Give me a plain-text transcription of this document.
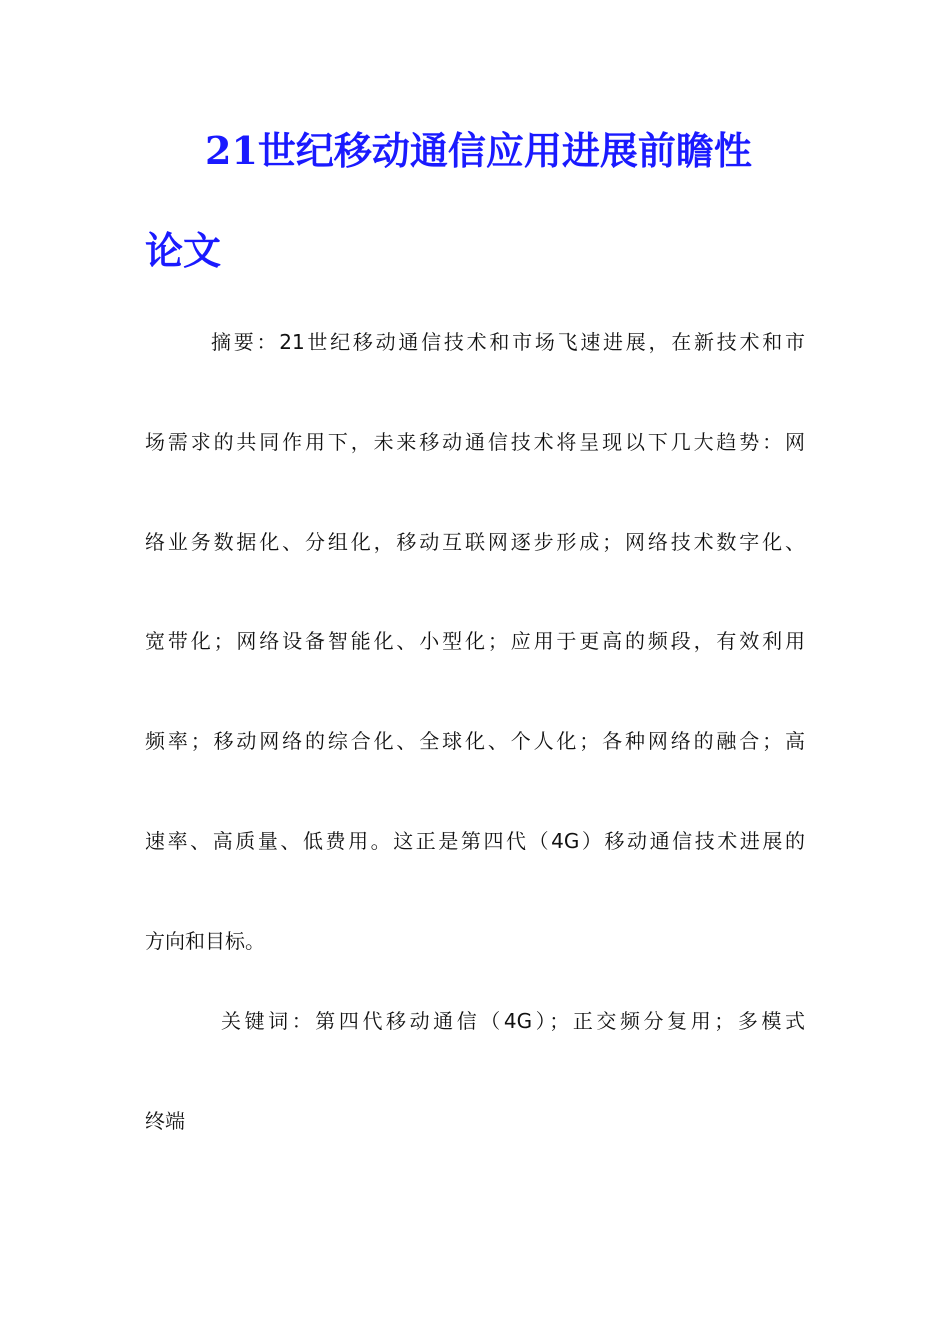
21世纪移动通信应用进展前瞻性
论文

摘要：21世纪移动通信技术和市场飞速进展，在新技术和市

场需求的共同作用下，未来移动通信技术将呈现以下几大趋势：网

络业务数据化、分组化，移动互联网逐步形成；网络技术数字化、

宽带化；网络设备智能化、小型化；应用于更高的频段，有效利用

频率；移动网络的综合化、全球化、个人化；各种网络的融合；高

速率、高质量、低费用。这正是第四代（4G）移动通信技术进展的

方向和目标。

关键词：第四代移动通信（4G）；正交频分复用；多模式

终端
